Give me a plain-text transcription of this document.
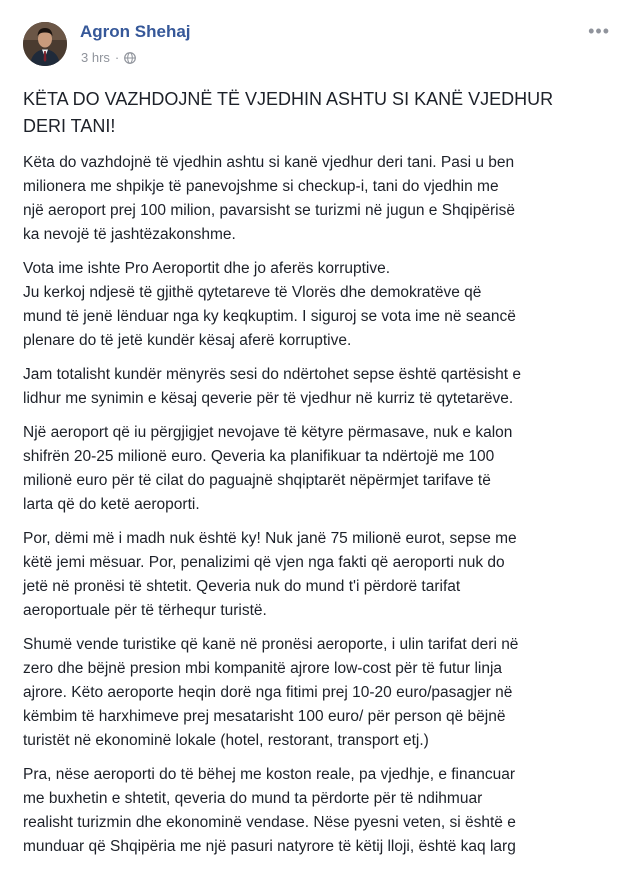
Agron Shehaj
3 hrs ·
•••
KËTA DO VAZHDOJNË TË VJEDHIN ASHTU SI KANË VJEDHUR
DERI TANI!
Këta do vazhdojnë të vjedhin ashtu si kanë vjedhur deri tani. Pasi u ben
milionera me shpikje të panevojshme si checkup-i, tani do vjedhin me
një aeroport prej 100 milion, pavarsisht se turizmi në jugun e Shqipërisë
ka nevojë të jashtëzakonshme.
Vota ime ishte Pro Aeroportit dhe jo aferës korruptive.
Ju kerkoj ndjesë të gjithë qytetareve të Vlorës dhe demokratëve që
mund të jenë lënduar nga ky keqkuptim. I siguroj se vota ime në seancë
plenare do të jetë kundër kësaj aferë korruptive.
Jam totalisht kundër mënyrës sesi do ndërtohet sepse është qartësisht e
lidhur me synimin e kësaj qeverie për të vjedhur në kurriz të qytetarëve.
Një aeroport që iu përgjigjet nevojave të këtyre përmasave, nuk e kalon
shifrën 20-25 milionë euro. Qeveria ka planifikuar ta ndërtojë me 100
milionë euro për të cilat do paguajnë shqiptarët nëpërmjet tarifave të
larta që do ketë aeroporti.
Por, dëmi më i madh nuk është ky! Nuk janë 75 milionë eurot, sepse me
këtë jemi mësuar. Por, penalizimi që vjen nga fakti që aeroporti nuk do
jetë në pronësi të shtetit. Qeveria nuk do mund t'i përdorë tarifat
aeroportuale për të tërhequr turistë.
Shumë vende turistike që kanë në pronësi aeroporte, i ulin tarifat deri në
zero dhe bëjnë presion mbi kompanitë ajrore low-cost për të futur linja
ajrore. Këto aeroporte heqin dorë nga fitimi prej 10-20 euro/pasagjer në
këmbim të harxhimeve prej mesatarisht 100 euro/ për person që bëjnë
turistët në ekonominë lokale (hotel, restorant, transport etj.)
Pra, nëse aeroporti do të bëhej me koston reale, pa vjedhje, e financuar
me buxhetin e shtetit, qeveria do mund ta përdorte për të ndihmuar
realisht turizmin dhe ekonominë vendase. Nëse pyesni veten, si është e
munduar që Shqipëria me një pasuri natyrore të këtij lloji, është kaq larg
